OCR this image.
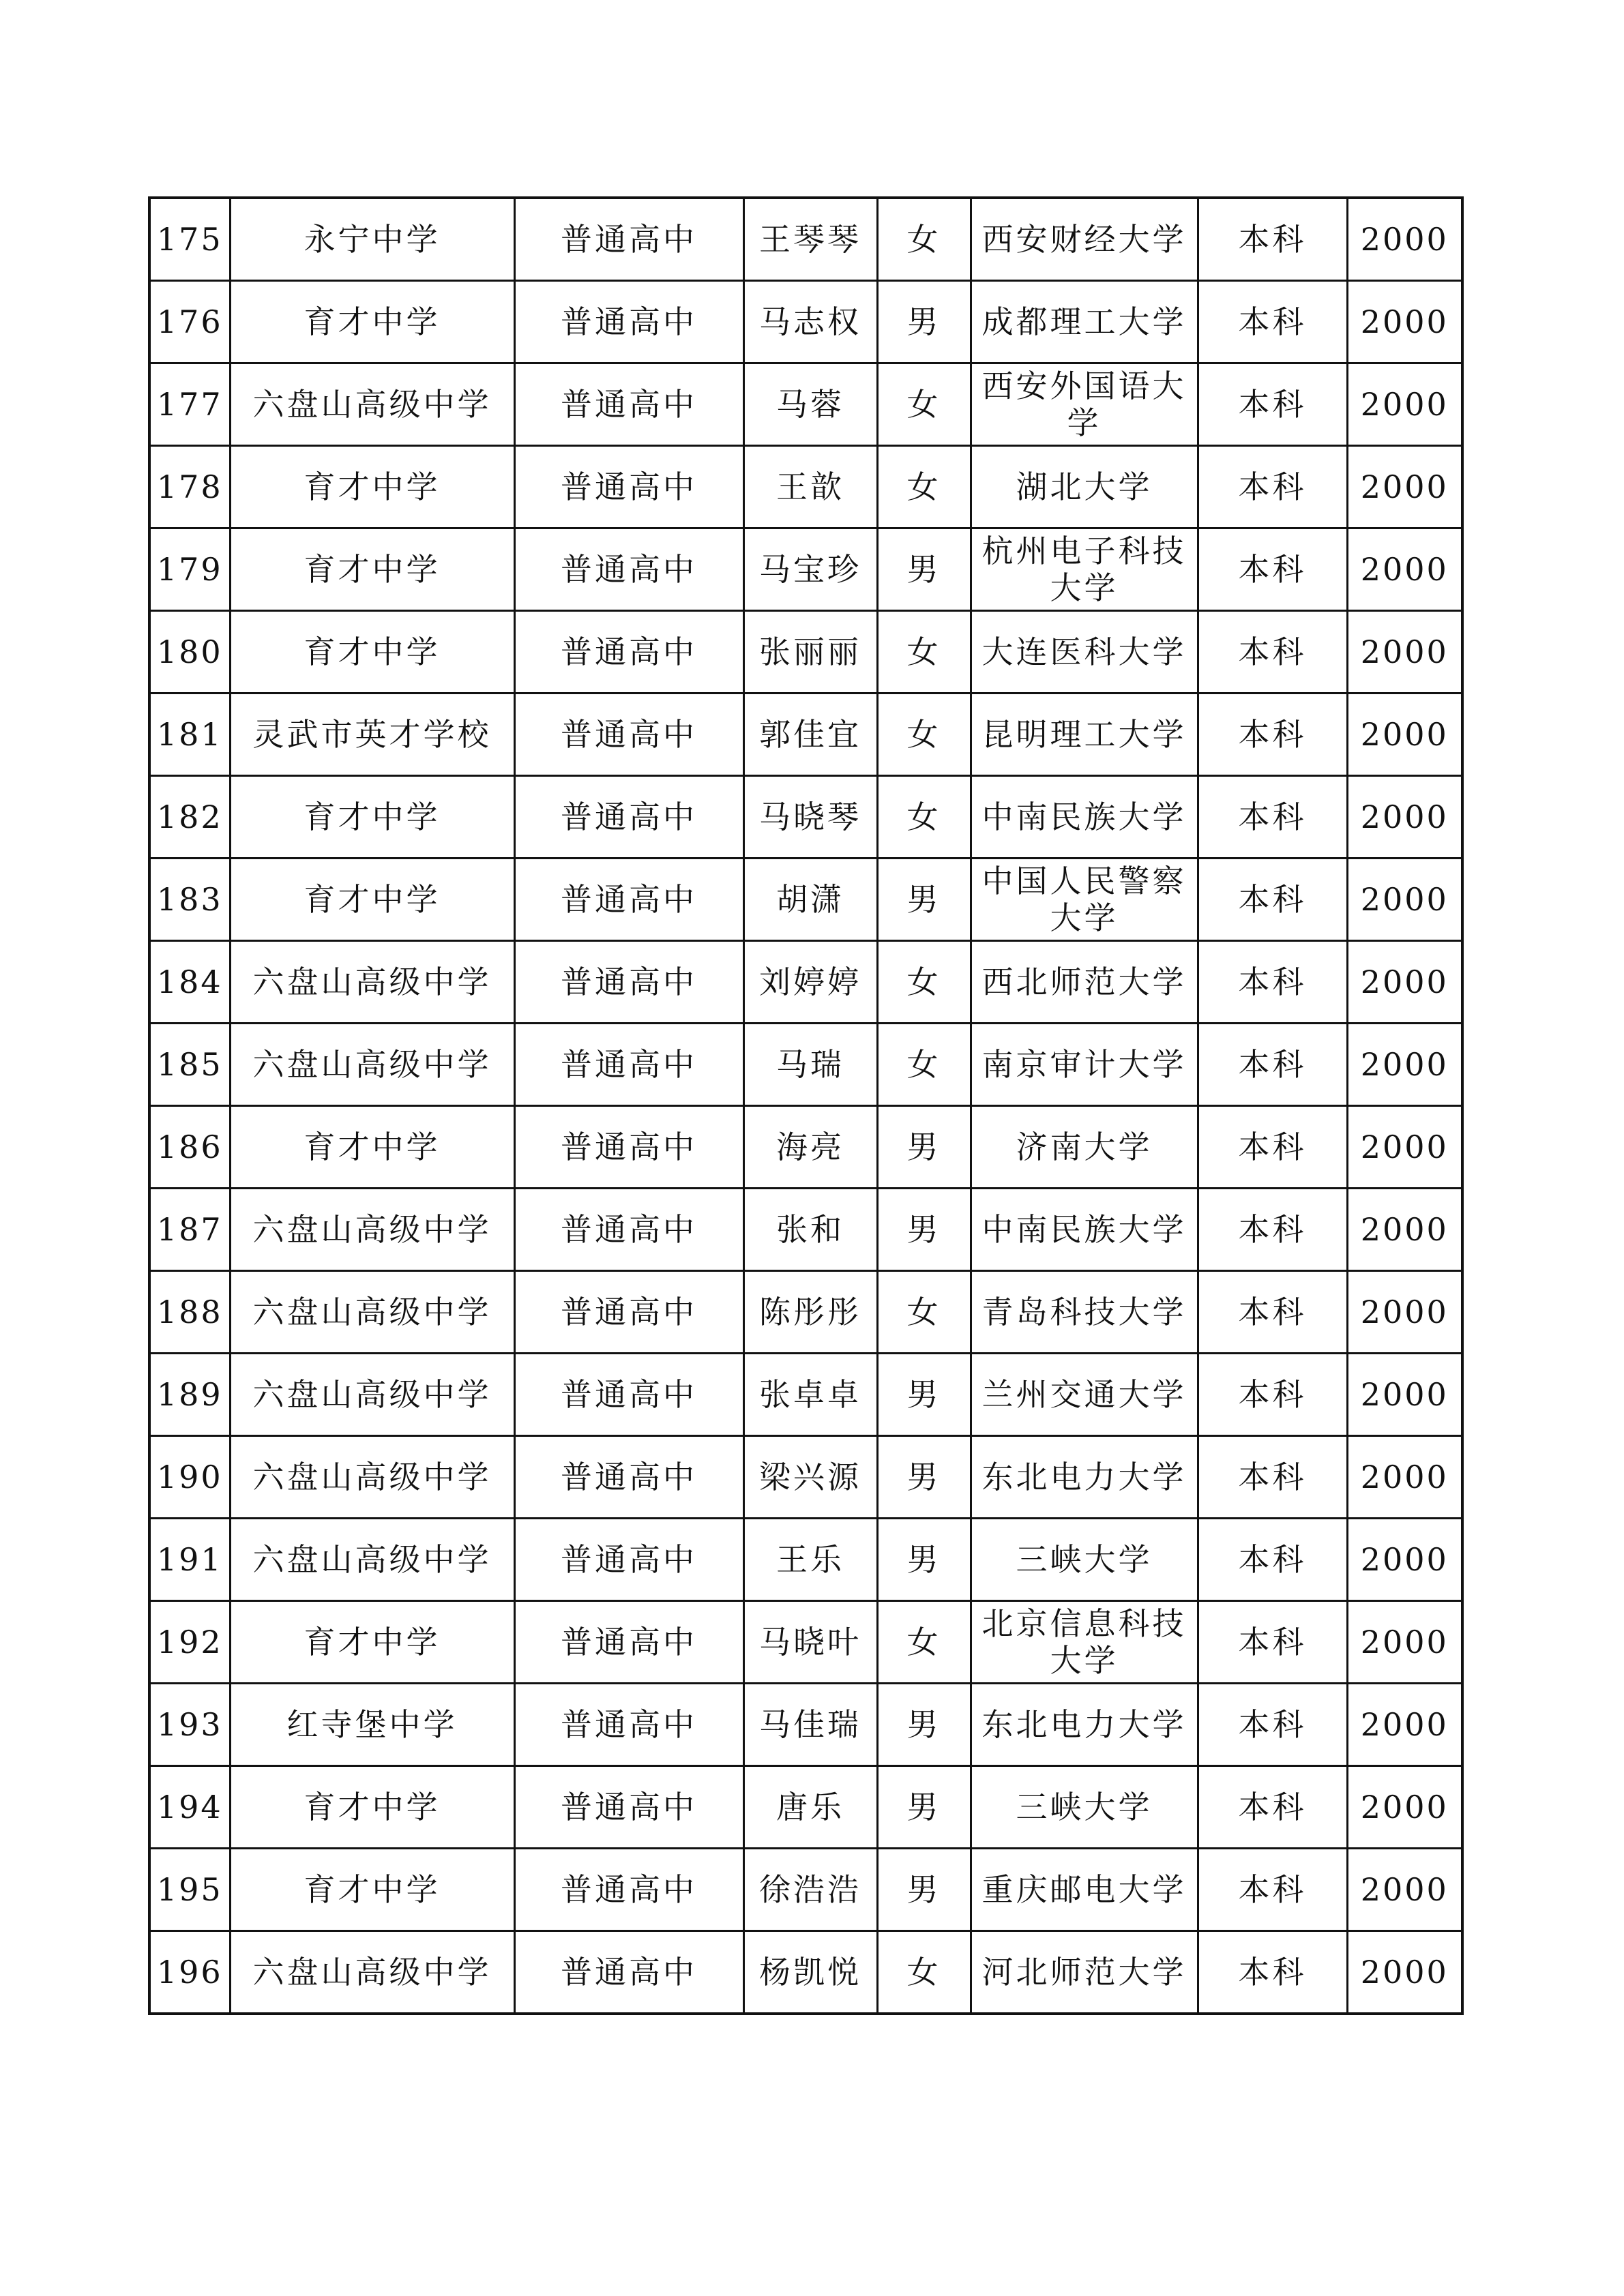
175	永宁中学	普通高中	王琴琴	女	西安财经大学	本科	2000
176	育才中学	普通高中	马志权	男	成都理工大学	本科	2000
177	六盘山高级中学	普通高中	马蓉	女	西安外国语大学	本科	2000
178	育才中学	普通高中	王歆	女	湖北大学	本科	2000
179	育才中学	普通高中	马宝珍	男	杭州电子科技大学	本科	2000
180	育才中学	普通高中	张丽丽	女	大连医科大学	本科	2000
181	灵武市英才学校	普通高中	郭佳宜	女	昆明理工大学	本科	2000
182	育才中学	普通高中	马晓琴	女	中南民族大学	本科	2000
183	育才中学	普通高中	胡潇	男	中国人民警察大学	本科	2000
184	六盘山高级中学	普通高中	刘婷婷	女	西北师范大学	本科	2000
185	六盘山高级中学	普通高中	马瑞	女	南京审计大学	本科	2000
186	育才中学	普通高中	海亮	男	济南大学	本科	2000
187	六盘山高级中学	普通高中	张和	男	中南民族大学	本科	2000
188	六盘山高级中学	普通高中	陈彤彤	女	青岛科技大学	本科	2000
189	六盘山高级中学	普通高中	张卓卓	男	兰州交通大学	本科	2000
190	六盘山高级中学	普通高中	梁兴源	男	东北电力大学	本科	2000
191	六盘山高级中学	普通高中	王乐	男	三峡大学	本科	2000
192	育才中学	普通高中	马晓叶	女	北京信息科技大学	本科	2000
193	红寺堡中学	普通高中	马佳瑞	男	东北电力大学	本科	2000
194	育才中学	普通高中	唐乐	男	三峡大学	本科	2000
195	育才中学	普通高中	徐浩浩	男	重庆邮电大学	本科	2000
196	六盘山高级中学	普通高中	杨凯悦	女	河北师范大学	本科	2000
